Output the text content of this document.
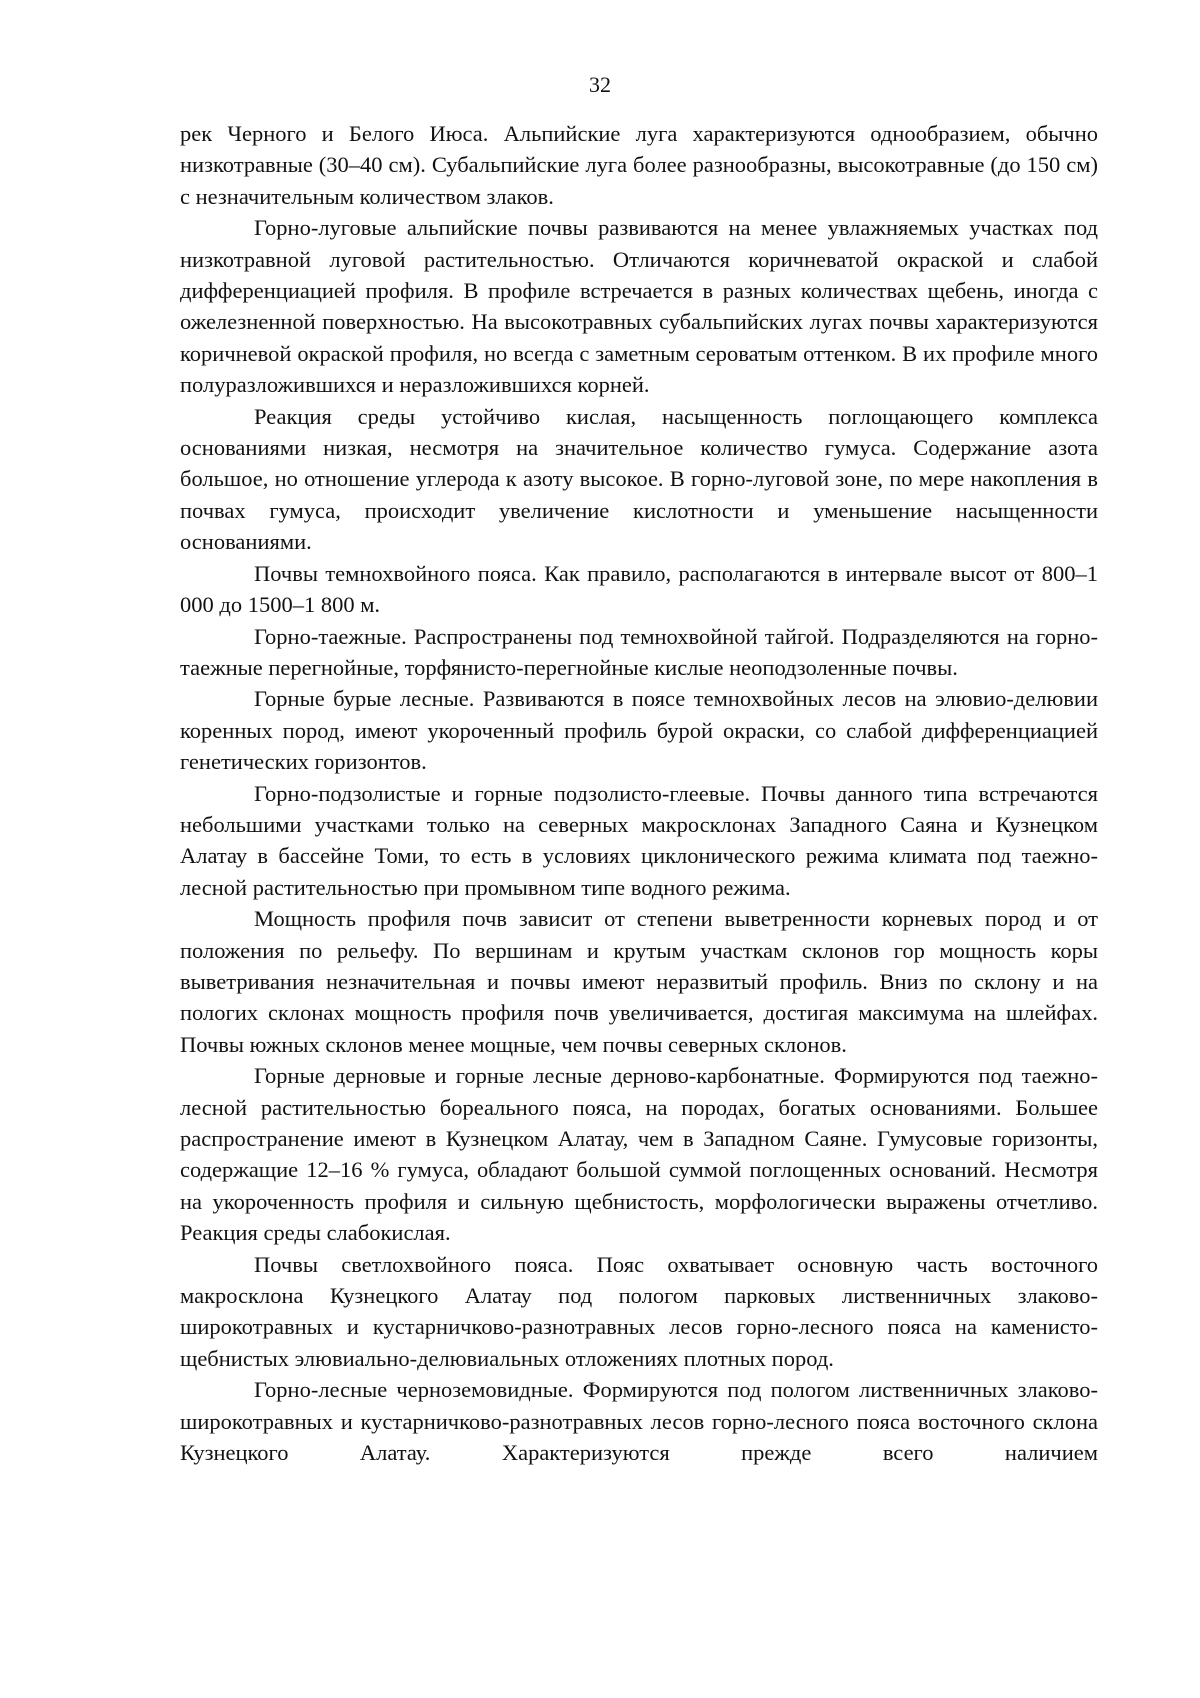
32

рек Черного и Белого Июса. Альпийские луга характеризуются однообразием, обычно низкотравные (30–40 см). Субальпийские луга более разнообразны, высокотравные (до 150 см) с незначительным количеством злаков.

Горно-луговые альпийские почвы развиваются на менее увлажняемых участках под низкотравной луговой растительностью. Отличаются коричневатой окраской и слабой дифференциацией профиля. В профиле встречается в разных количествах щебень, иногда с ожелезненной поверхностью. На высокотравных субальпийских лугах почвы характеризуются коричневой окраской профиля, но всегда с заметным сероватым оттенком. В их профиле много полуразложившихся и неразложившихся корней.

Реакция среды устойчиво кислая, насыщенность поглощающего комплекса основаниями низкая, несмотря на значительное количество гумуса. Содержание азота большое, но отношение углерода к азоту высокое. В горно-луговой зоне, по мере накопления в почвах гумуса, происходит увеличение кислотности и уменьшение насыщенности основаниями.

Почвы темнохвойного пояса. Как правило, располагаются в интервале высот от 800–1 000 до 1500–1 800 м.

Горно-таежные. Распространены под темнохвойной тайгой. Подразделяются на горно-таежные перегнойные, торфянисто-перегнойные кислые неоподзоленные почвы.

Горные бурые лесные. Развиваются в поясе темнохвойных лесов на элювио-делювии коренных пород, имеют укороченный профиль бурой окраски, со слабой дифференциацией генетических горизонтов.

Горно-подзолистые и горные подзолисто-глеевые. Почвы данного типа встречаются небольшими участками только на северных макросклонах Западного Саяна и Кузнецком Алатау в бассейне Томи, то есть в условиях циклонического режима климата под таежно-лесной растительностью при промывном типе водного режима.

Мощность профиля почв зависит от степени выветренности корневых пород и от положения по рельефу. По вершинам и крутым участкам склонов гор мощность коры выветривания незначительная и почвы имеют неразвитый профиль. Вниз по склону и на пологих склонах мощность профиля почв увеличивается, достигая максимума на шлейфах. Почвы южных склонов менее мощные, чем почвы северных склонов.

Горные дерновые и горные лесные дерново-карбонатные. Формируются под таежно-лесной растительностью бореального пояса, на породах, богатых основаниями. Большее распространение имеют в Кузнецком Алатау, чем в Западном Саяне. Гумусовые горизонты, содержащие 12–16 % гумуса, обладают большой суммой поглощенных оснований. Несмотря на укороченность профиля и сильную щебнистость, морфологически выражены отчетливо. Реакция среды слабокислая.

Почвы светлохвойного пояса. Пояс охватывает основную часть восточного макросклона Кузнецкого Алатау под пологом парковых лиственничных злаково-широкотравных и кустарничково-разнотравных лесов горно-лесного пояса на каменисто-щебнистых элювиально-делювиальных отложениях плотных пород.

Горно-лесные черноземовидные. Формируются под пологом лиственничных злаково-широкотравных и кустарничково-разнотравных лесов горно-лесного пояса восточного склона Кузнецкого Алатау. Характеризуются прежде всего наличием
